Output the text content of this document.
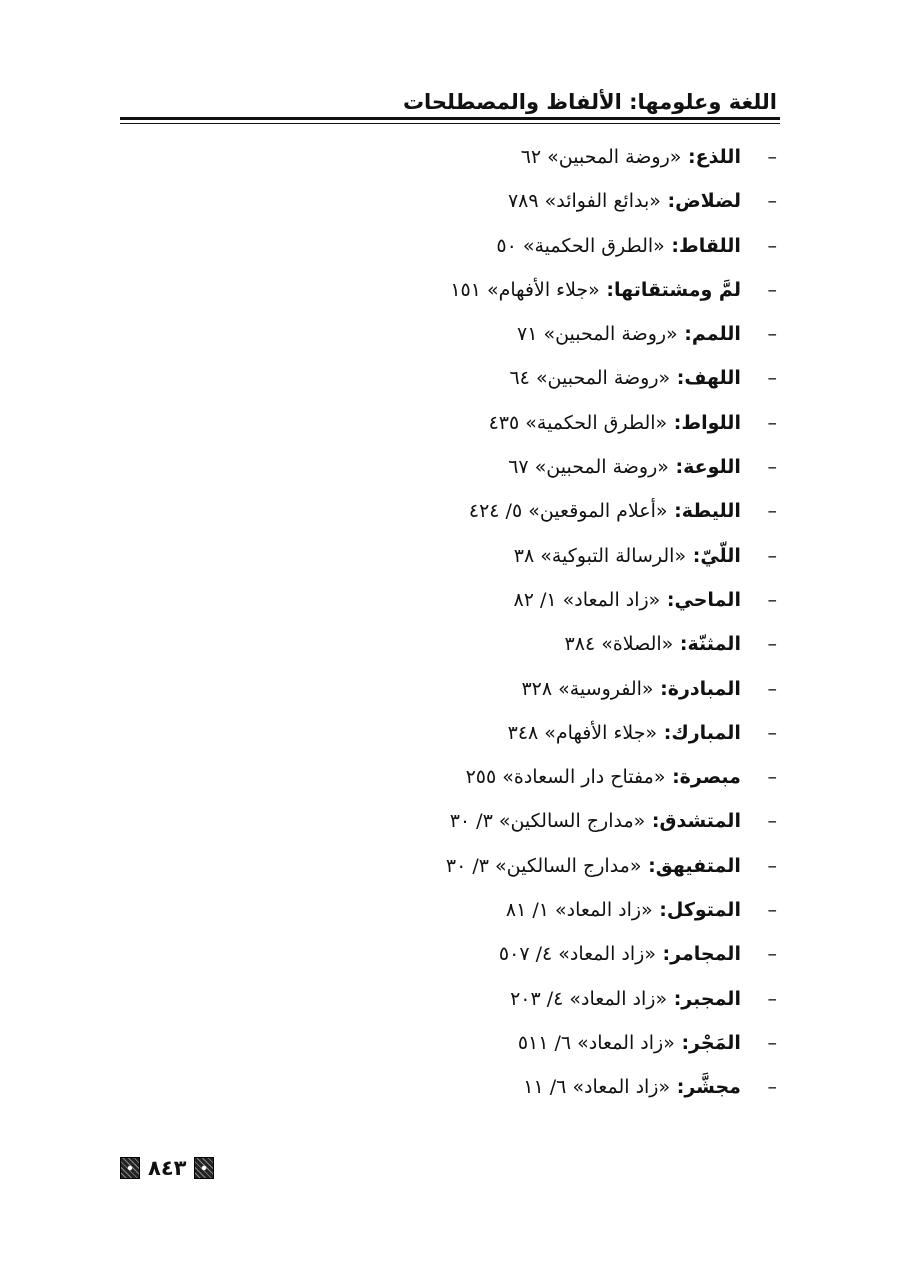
اللغة وعلومها: الألفاظ والمصطلحات
– اللذع: «روضة المحبين» ٦٢
– لضلاض: «بدائع الفوائد» ٧٨٩
– اللقاط: «الطرق الحكمية» ٥٠
– لمَّ ومشتقاتها: «جلاء الأفهام» ١٥١
– اللمم: «روضة المحبين» ٧١
– اللهف: «روضة المحبين» ٦٤
– اللواط: «الطرق الحكمية» ٤٣٥
– اللوعة: «روضة المحبين» ٦٧
– الليطة: «أعلام الموقعين» ٥/ ٤٢٤
– اللّيّ: «الرسالة التبوكية» ٣٨
– الماحي: «زاد المعاد» ١/ ٨٢
– المثنّة: «الصلاة» ٣٨٤
– المبادرة: «الفروسية» ٣٢٨
– المبارك: «جلاء الأفهام» ٣٤٨
– مبصرة: «مفتاح دار السعادة» ٢٥٥
– المتشدق: «مدارج السالكين» ٣/ ٣٠
– المتفيهق: «مدارج السالكين» ٣/ ٣٠
– المتوكل: «زاد المعاد» ١/ ٨١
– المجامر: «زاد المعاد» ٤/ ٥٠٧
– المجبر: «زاد المعاد» ٤/ ٢٠٣
– المَجْر: «زاد المعاد» ٦/ ٥١١
– مجشَّر: «زاد المعاد» ٦/ ١١
٨٤٣
